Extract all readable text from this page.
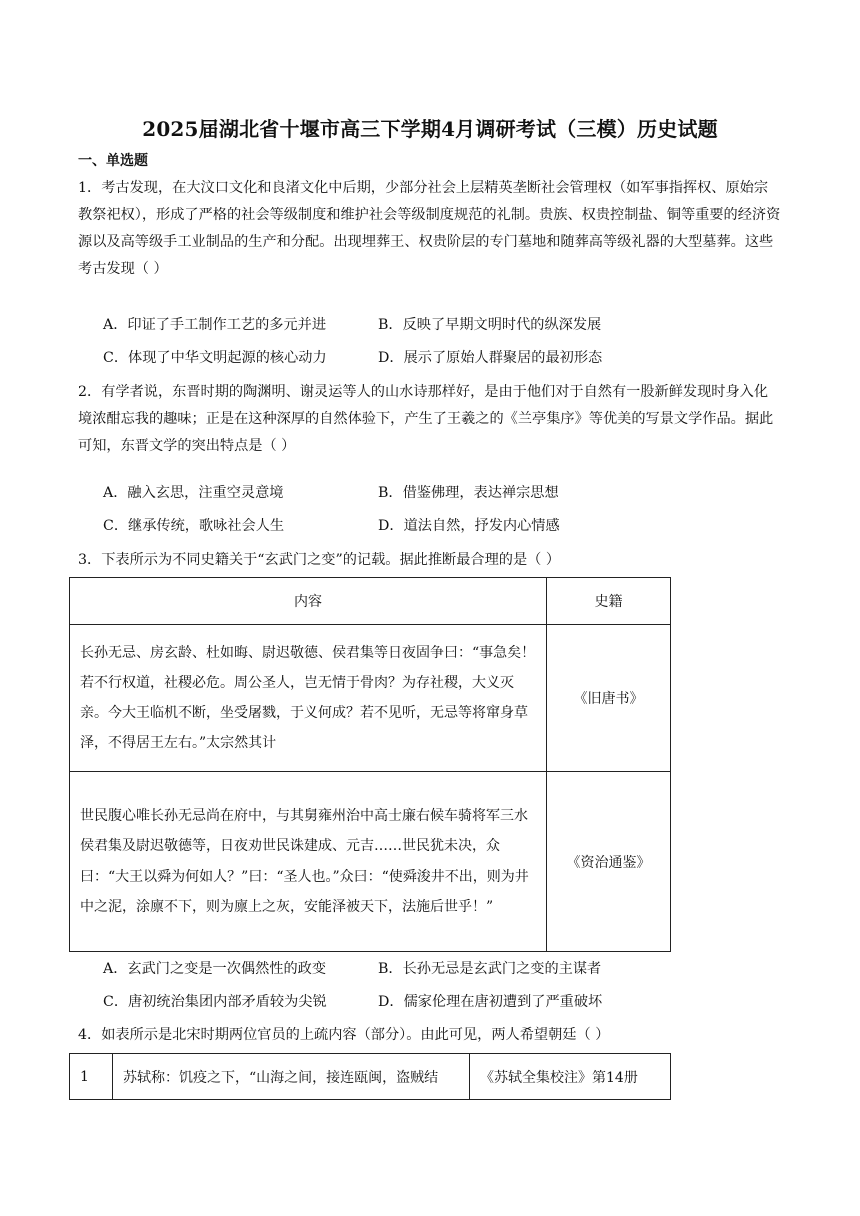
2025届湖北省十堰市高三下学期4月调研考试（三模）历史试题
一、单选题
1．考古发现，在大汶口文化和良渚文化中后期，少部分社会上层精英垄断社会管理权（如军事指挥权、原始宗教祭祀权），形成了严格的社会等级制度和维护社会等级制度规范的礼制。贵族、权贵控制盐、铜等重要的经济资源以及高等级手工业制品的生产和分配。出现埋葬王、权贵阶层的专门墓地和随葬高等级礼器的大型墓葬。这些考古发现（ ）
A．印证了手工制作工艺的多元并进	B．反映了早期文明时代的纵深发展
C．体现了中华文明起源的核心动力	D．展示了原始人群聚居的最初形态
2．有学者说，东晋时期的陶渊明、谢灵运等人的山水诗那样好，是由于他们对于自然有一股新鲜发现时身入化境浓酣忘我的趣味；正是在这种深厚的自然体验下，产生了王羲之的《兰亭集序》等优美的写景文学作品。据此可知，东晋文学的突出特点是（ ）
A．融入玄思，注重空灵意境	B．借鉴佛理，表达禅宗思想
C．继承传统，歌咏社会人生	D．道法自然，抒发内心情感
3．下表所示为不同史籍关于“玄武门之变”的记载。据此推断最合理的是（ ）
内容	史籍
长孙无忌、房玄龄、杜如晦、尉迟敬德、侯君集等日夜固争曰：“事急矣！若不行权道，社稷必危。周公圣人，岂无情于骨肉？为存社稷，大义灭亲。今大王临机不断，坐受屠戮，于义何成？若不见听，无忌等将窜身草泽，不得居王左右。”太宗然其计	《旧唐书》
世民腹心唯长孙无忌尚在府中，与其舅雍州治中高士廉右候车骑将军三水侯君集及尉迟敬德等，日夜劝世民诛建成、元吉……世民犹未决，众曰：“大王以舜为何如人？”曰：“圣人也。”众曰：“使舜浚井不出，则为井中之泥，涂廪不下，则为廪上之灰，安能泽被天下，法施后世乎！”	《资治通鉴》
A．玄武门之变是一次偶然性的政变	B．长孙无忌是玄武门之变的主谋者
C．唐初统治集团内部矛盾较为尖锐	D．儒家伦理在唐初遭到了严重破坏
4．如表所示是北宋时期两位官员的上疏内容（部分）。由此可见，两人希望朝廷（ ）
1	苏轼称：饥疫之下，“山海之间，接连瓯闽，盗贼结	《苏轼全集校注》第14册
